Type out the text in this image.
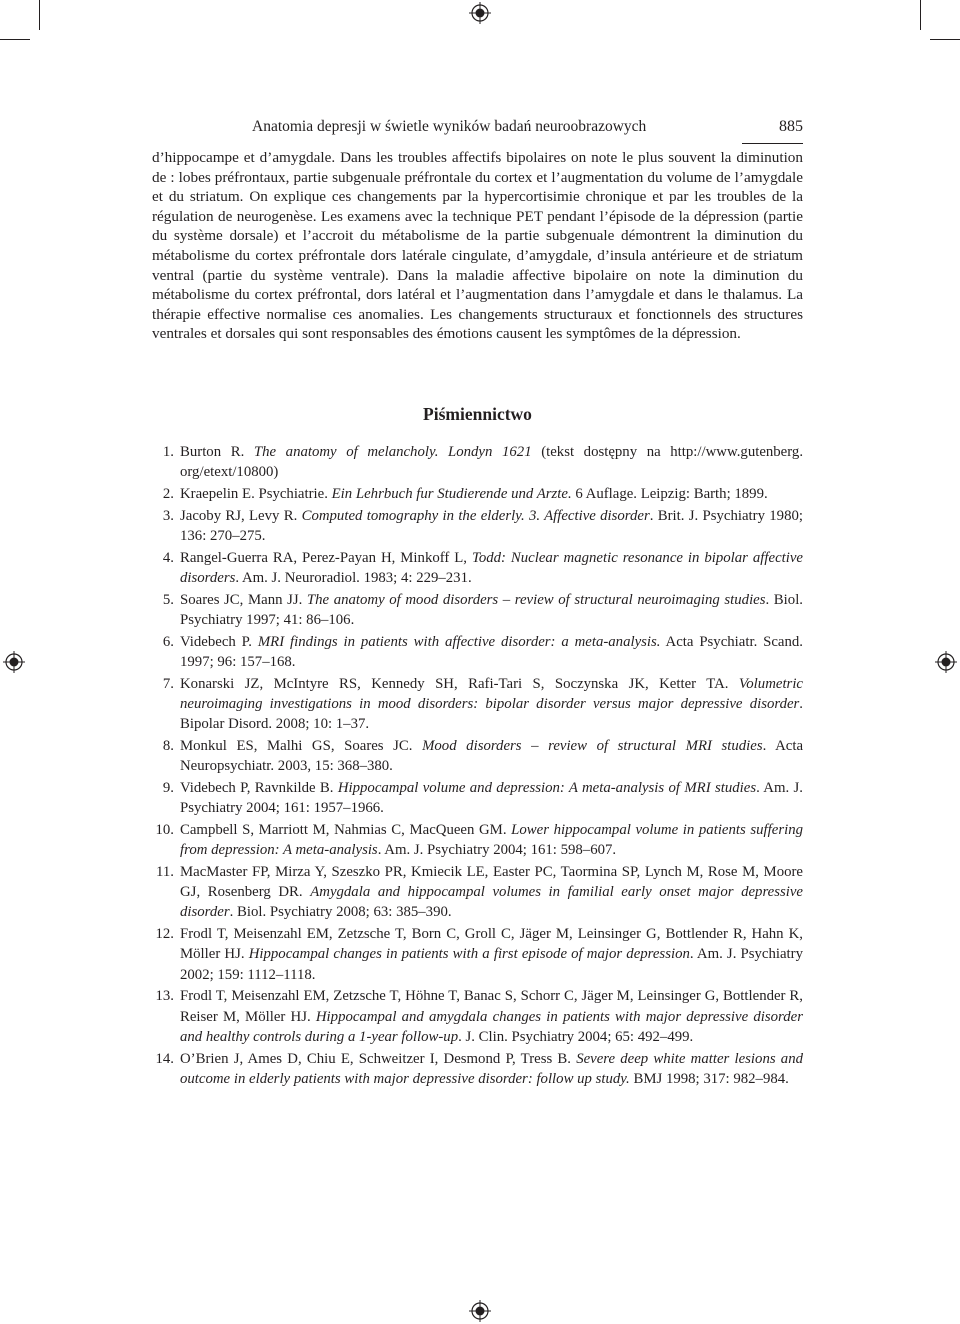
Anatomia depresji w świetle wyników badań neuroobrazowych	885

d’hippocampe et d’amygdale. Dans les troubles affectifs bipolaires on note le plus souvent la diminution de : lobes préfrontaux, partie subgenuale préfrontale du cortex et l’augmentation du volume de l’amygdale et du striatum. On explique ces changements par la hypercortisimie chronique et par les troubles de la régulation de neurogenèse. Les examens avec la technique PET pendant l’épisode de la dépression (partie du système dorsale) et l’accroit du métabolisme de la partie subgenuale démontrent la diminution du métabolisme du cortex préfrontale dors latérale cingulate, d’amygdale, d’insula antérieure et de striatum ventral (partie du système ventrale). Dans la maladie affective bipolaire on note la diminution du métabolisme du cortex préfrontal, dors latéral et l’augmentation dans l’amygdale et dans le thalamus. La thérapie effective normalise ces anomalies. Les changements structuraux et fonctionnels des structures ventrales et dorsales qui sont responsables des émotions causent les symptômes de la dépression.

Piśmiennictwo
1. Burton R. The anatomy of melancholy. Londyn 1621 (tekst dostępny na http://www.gutenberg. org/etext/10800)
2. Kraepelin E. Psychiatrie. Ein Lehrbuch fur Studierende und Arzte. 6 Auflage. Leipzig: Barth; 1899.
3. Jacoby RJ, Levy R. Computed tomography in the elderly. 3. Affective disorder. Brit. J. Psychiatry 1980; 136: 270–275.
4. Rangel-Guerra RA, Perez-Payan H, Minkoff L, Todd: Nuclear magnetic resonance in bipolar affective disorders. Am. J. Neuroradiol. 1983; 4: 229–231.
5. Soares JC, Mann JJ. The anatomy of mood disorders – review of structural neuroimaging studies. Biol. Psychiatry 1997; 41: 86–106.
6. Videbech P. MRI findings in patients with affective disorder: a meta-analysis. Acta Psychiatr. Scand. 1997; 96: 157–168.
7. Konarski JZ, McIntyre RS, Kennedy SH, Rafi-Tari S, Soczynska JK, Ketter TA. Volumetric neuroimaging investigations in mood disorders: bipolar disorder versus major depressive disorder. Bipolar Disord. 2008; 10: 1–37.
8. Monkul ES, Malhi GS, Soares JC. Mood disorders – review of structural MRI studies. Acta Neuropsychiatr. 2003, 15: 368–380.
9. Videbech P, Ravnkilde B. Hippocampal volume and depression: A meta-analysis of MRI studies. Am. J. Psychiatry 2004; 161: 1957–1966.
10. Campbell S, Marriott M, Nahmias C, MacQueen GM. Lower hippocampal volume in patients suffering from depression: A meta-analysis. Am. J. Psychiatry 2004; 161: 598–607.
11. MacMaster FP, Mirza Y, Szeszko PR, Kmiecik LE, Easter PC, Taormina SP, Lynch M, Rose M, Moore GJ, Rosenberg DR. Amygdala and hippocampal volumes in familial early onset major depressive disorder. Biol. Psychiatry 2008; 63: 385–390.
12. Frodl T, Meisenzahl EM, Zetzsche T, Born C, Groll C, Jäger M, Leinsinger G, Bottlender R, Hahn K, Möller HJ. Hippocampal changes in patients with a first episode of major depression. Am. J. Psychiatry 2002; 159: 1112–1118.
13. Frodl T, Meisenzahl EM, Zetzsche T, Höhne T, Banac S, Schorr C, Jäger M, Leinsinger G, Bottlender R, Reiser M, Möller HJ. Hippocampal and amygdala changes in patients with major depressive disorder and healthy controls during a 1-year follow-up. J. Clin. Psychiatry 2004; 65: 492–499.
14. O’Brien J, Ames D, Chiu E, Schweitzer I, Desmond P, Tress B. Severe deep white matter lesions and outcome in elderly patients with major depressive disorder: follow up study. BMJ 1998; 317: 982–984.
